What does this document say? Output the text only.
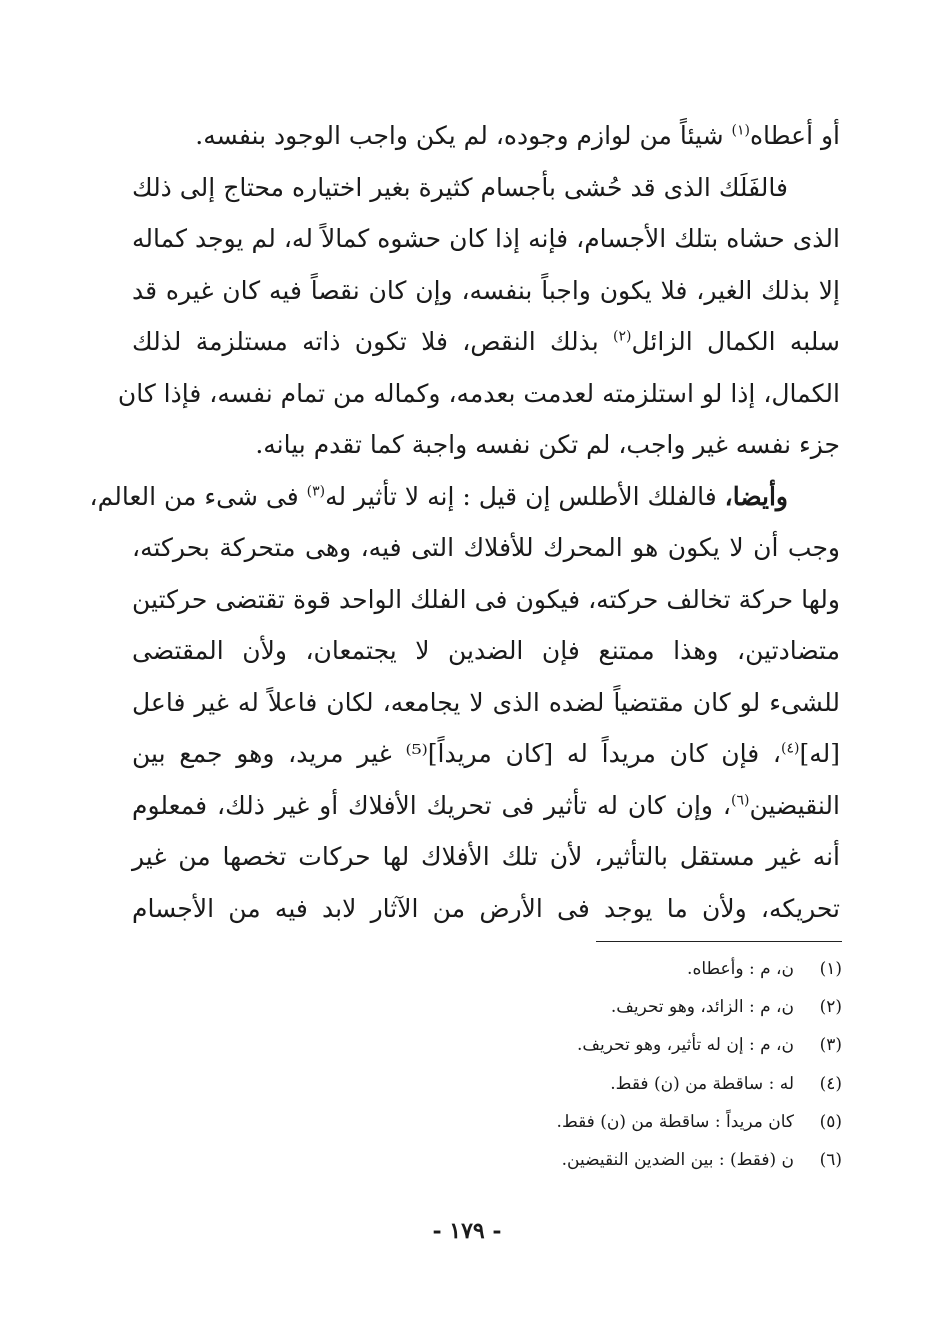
أو أعطاه$^{(١)}$ شيئاً من لوازم وجوده، لم يكن واجب الوجود بنفسه.
فالفَلَك الذى قد حُشى بأجسام كثيرة بغير اختياره محتاج إلى ذلك
الذى حشاه بتلك الأجسام، فإنه إذا كان حشوه كمالاً له، لم يوجد كماله
إلا بذلك الغير، فلا يكون واجباً بنفسه، وإن كان نقصاً فيه كان غيره قد
سلبه الكمال الزائل$^{(٢)}$ بذلك النقص، فلا تكون ذاته مستلزمة لذلك
الكمال، إذا لو استلزمته لعدمت بعدمه، وكماله من تمام نفسه، فإذا كان
جزء نفسه غير واجب، لم تكن نفسه واجبة كما تقدم بيانه.
وأيضا، فالفلك الأطلس إن قيل : إنه لا تأثير له$^{(٣)}$ فى شىء من العالم،
وجب أن لا يكون هو المحرك للأفلاك التى فيه، وهى متحركة بحركته،
ولها حركة تخالف حركته، فيكون فى الفلك الواحد قوة تقتضى حركتين
متضادتين، وهذا ممتنع فإن الضدين لا يجتمعان، ولأن المقتضى
للشىء لو كان مقتضياً لضده الذى لا يجامعه، لكان فاعلاً له غير فاعل
[له]$^{(٤)}$، فإن كان مريداً له [كان مريداً]⁽⁵⁾ غير مريد، وهو جمع بين
النقيضين$^{(٦)}$، وإن كان له تأثير فى تحريك الأفلاك أو غير ذلك، فمعلوم
أنه غير مستقل بالتأثير، لأن تلك الأفلاك لها حركات تخصها من غير
تحريكه، ولأن ما يوجد فى الأرض من الآثار لابد فيه من الأجسام
(١)
ن، م : وأعطاه.
(٢)
ن، م : الزائد، وهو تحريف.
(٣)
ن، م : إن له تأثير، وهو تحريف.
(٤)
له : ساقطة من (ن) فقط.
(٥)
كان مريداً : ساقطة من (ن) فقط.
(٦)
ن (فقط) : بين الضدين النقيضين.
- ١٧٩ -
